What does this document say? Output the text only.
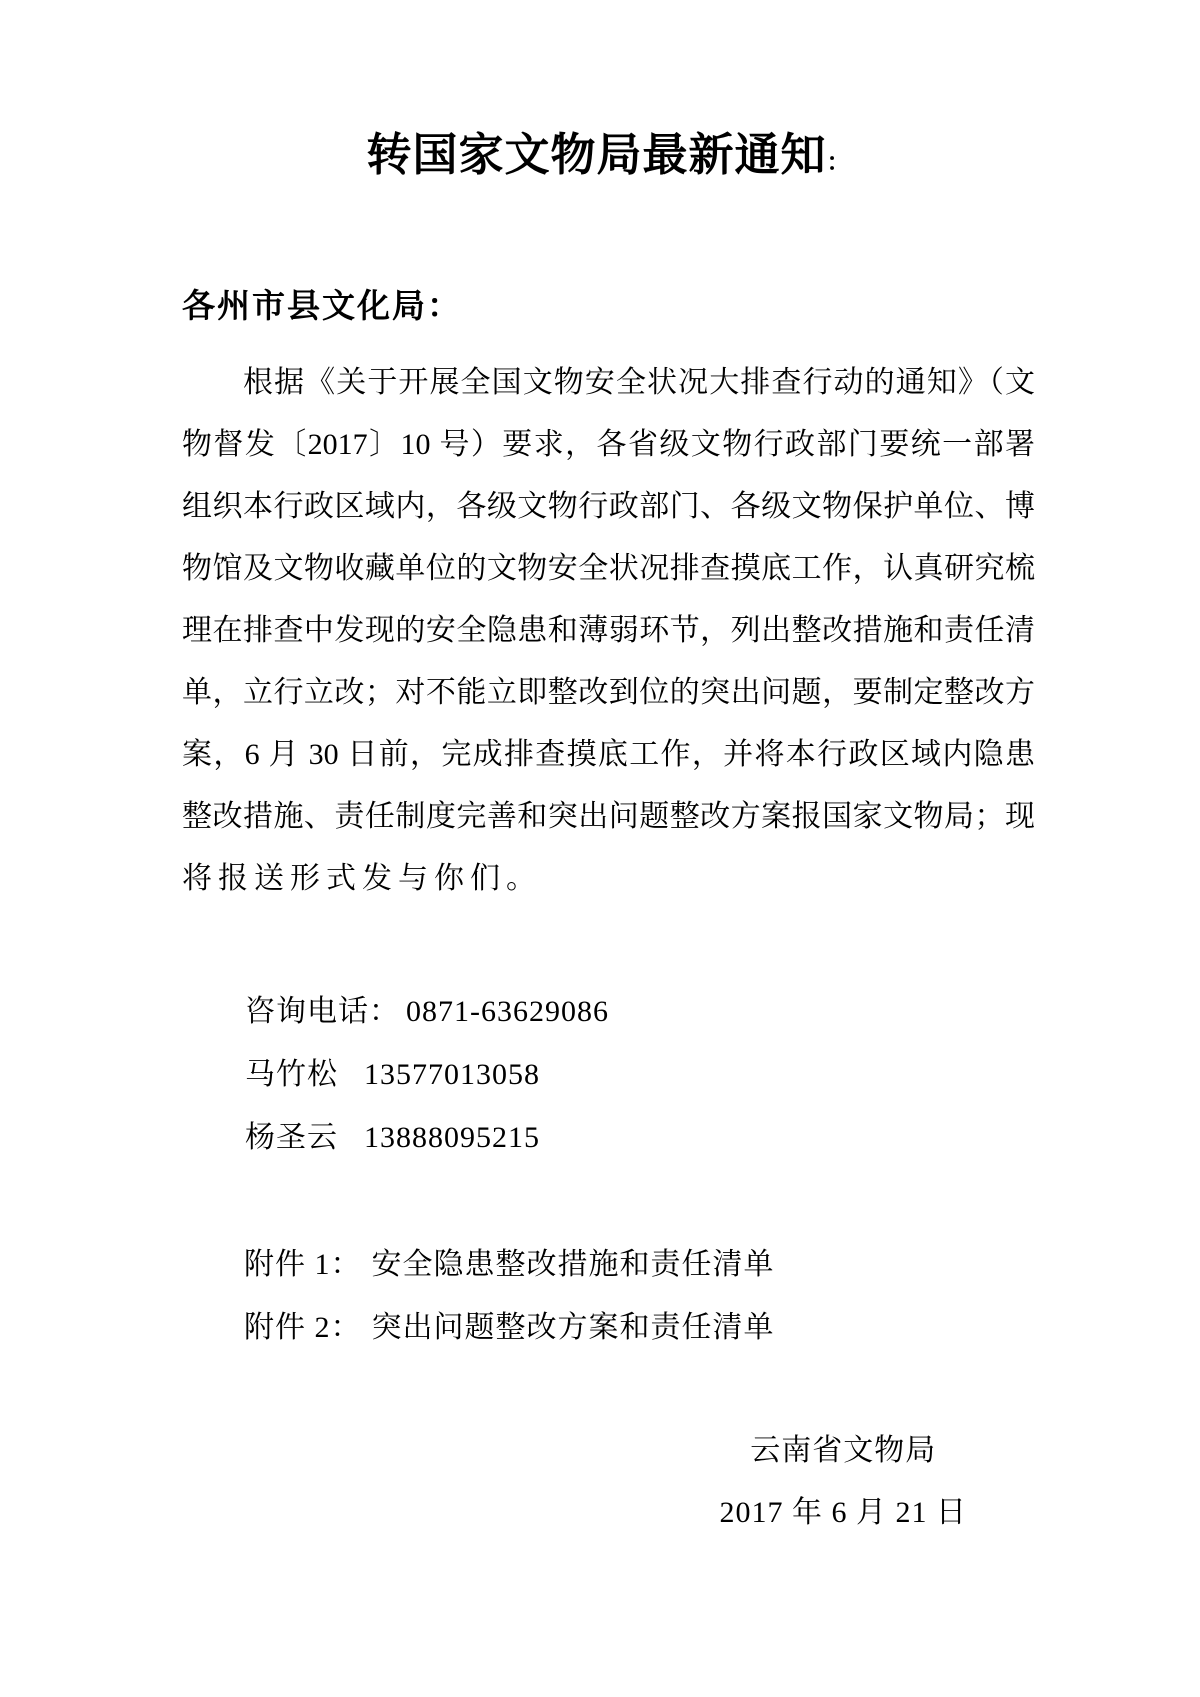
转国家文物局最新通知：
各州市县文化局：
根据《关于开展全国文物安全状况大排查行动的通知》（文
物督发〔2017〕10 号）要求，各省级文物行政部门要统一部署
组织本行政区域内，各级文物行政部门、各级文物保护单位、博
物馆及文物收藏单位的文物安全状况排查摸底工作，认真研究梳
理在排查中发现的安全隐患和薄弱环节，列出整改措施和责任清
单，立行立改；对不能立即整改到位的突出问题，要制定整改方
案，6 月 30 日前，完成排查摸底工作，并将本行政区域内隐患
整改措施、责任制度完善和突出问题整改方案报国家文物局；现
将报送形式发与你们。
咨询电话： 0871-63629086
马竹松 13577013058
杨圣云 13888095215
附件 1： 安全隐患整改措施和责任清单
附件 2： 突出问题整改方案和责任清单
云南省文物局
2017 年 6 月 21 日
